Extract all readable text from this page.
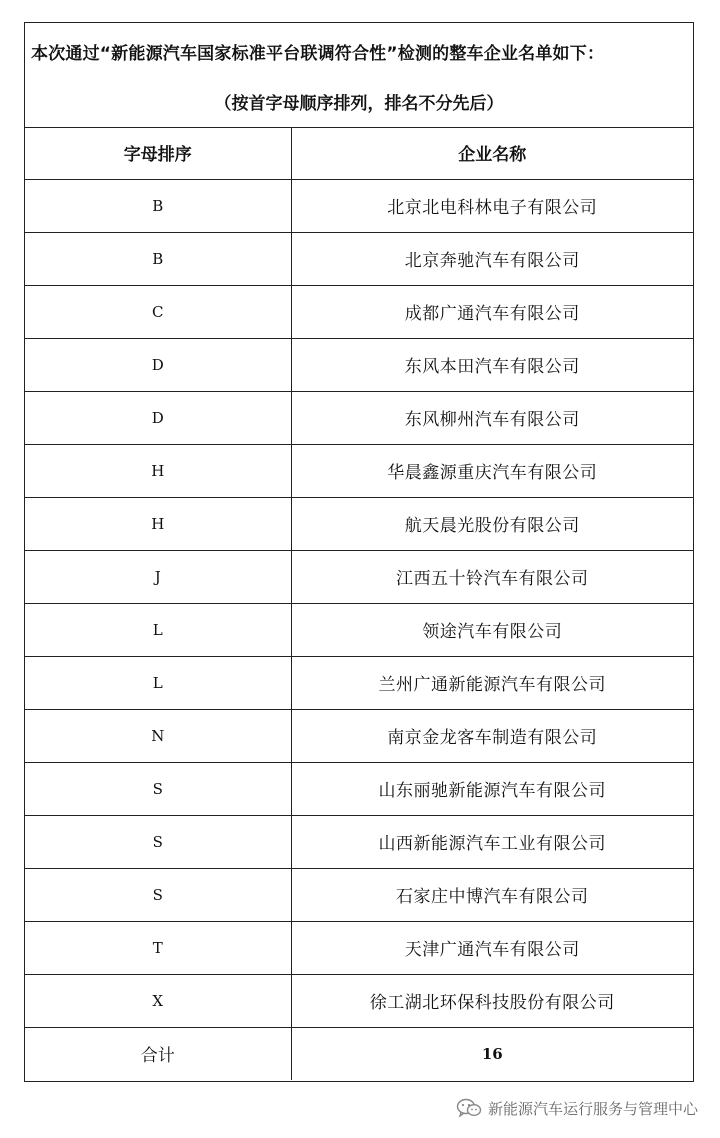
本次通过“新能源汽车国家标准平台联调符合性”检测的整车企业名单如下：
（按首字母顺序排列，排名不分先后）
字母排序	企业名称
B	北京北电科林电子有限公司
B	北京奔驰汽车有限公司
C	成都广通汽车有限公司
D	东风本田汽车有限公司
D	东风柳州汽车有限公司
H	华晨鑫源重庆汽车有限公司
H	航天晨光股份有限公司
J	江西五十铃汽车有限公司
L	领途汽车有限公司
L	兰州广通新能源汽车有限公司
N	南京金龙客车制造有限公司
S	山东丽驰新能源汽车有限公司
S	山西新能源汽车工业有限公司
S	石家庄中博汽车有限公司
T	天津广通汽车有限公司
X	徐工湖北环保科技股份有限公司
合计	16
新能源汽车运行服务与管理中心
